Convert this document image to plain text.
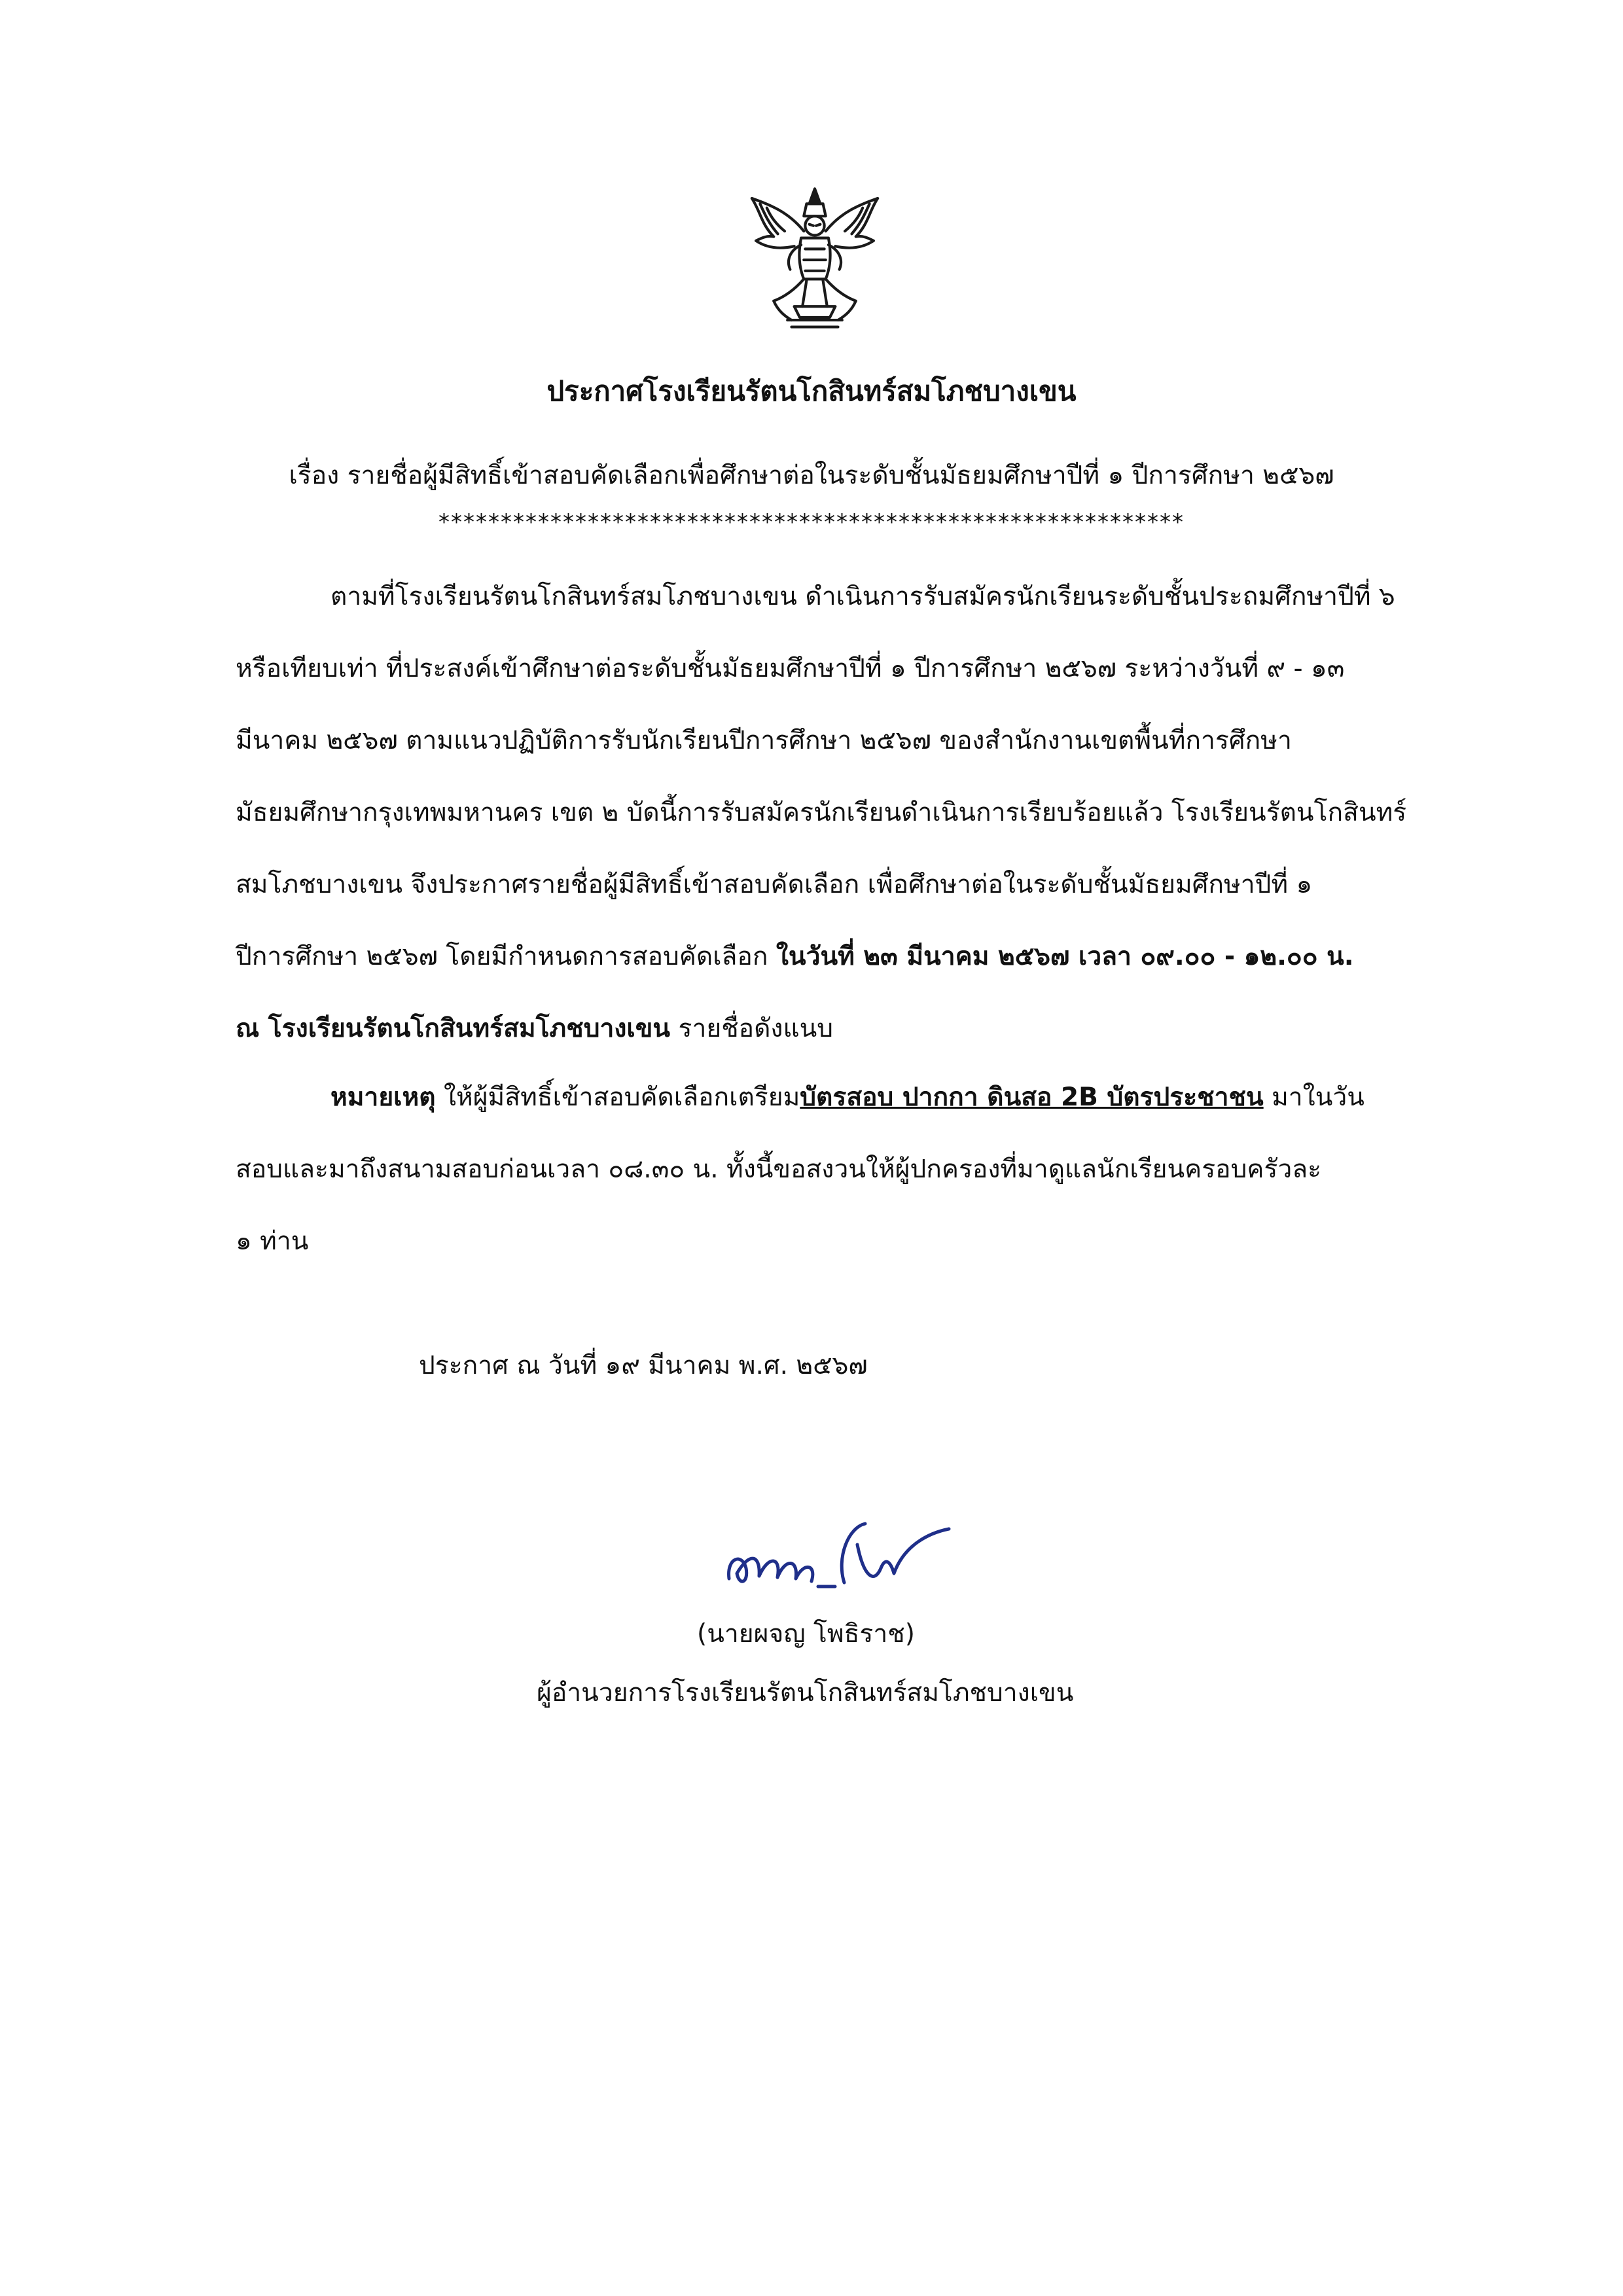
ประกาศโรงเรียนรัตนโกสินทร์สมโภชบางเขน
เรื่อง รายชื่อผู้มีสิทธิ์เข้าสอบคัดเลือกเพื่อศึกษาต่อในระดับชั้นมัธยมศึกษาปีที่ ๑ ปีการศึกษา ๒๕๖๗
************************************************************
ตามที่โรงเรียนรัตนโกสินทร์สมโภชบางเขน ดำเนินการรับสมัครนักเรียนระดับชั้นประถมศึกษาปีที่ ๖
หรือเทียบเท่า ที่ประสงค์เข้าศึกษาต่อระดับชั้นมัธยมศึกษาปีที่ ๑ ปีการศึกษา ๒๕๖๗ ระหว่างวันที่ ๙ - ๑๓
มีนาคม ๒๕๖๗ ตามแนวปฏิบัติการรับนักเรียนปีการศึกษา ๒๕๖๗ ของสำนักงานเขตพื้นที่การศึกษา
มัธยมศึกษากรุงเทพมหานคร เขต ๒ บัดนี้การรับสมัครนักเรียนดำเนินการเรียบร้อยแล้ว โรงเรียนรัตนโกสินทร์
สมโภชบางเขน จึงประกาศรายชื่อผู้มีสิทธิ์เข้าสอบคัดเลือก เพื่อศึกษาต่อในระดับชั้นมัธยมศึกษาปีที่ ๑
ปีการศึกษา ๒๕๖๗ โดยมีกำหนดการสอบคัดเลือก ในวันที่ ๒๓ มีนาคม ๒๕๖๗ เวลา ๐๙.๐๐ - ๑๒.๐๐ น.
ณ โรงเรียนรัตนโกสินทร์สมโภชบางเขน รายชื่อดังแนบ
หมายเหตุ ให้ผู้มีสิทธิ์เข้าสอบคัดเลือกเตรียมบัตรสอบ ปากกา ดินสอ 2B บัตรประชาชน มาในวัน
สอบและมาถึงสนามสอบก่อนเวลา ๐๘.๓๐ น. ทั้งนี้ขอสงวนให้ผู้ปกครองที่มาดูแลนักเรียนครอบครัวละ
๑ ท่าน
ประกาศ ณ วันที่ ๑๙ มีนาคม พ.ศ. ๒๕๖๗
(นายผจญ โพธิราช)
ผู้อำนวยการโรงเรียนรัตนโกสินทร์สมโภชบางเขน
